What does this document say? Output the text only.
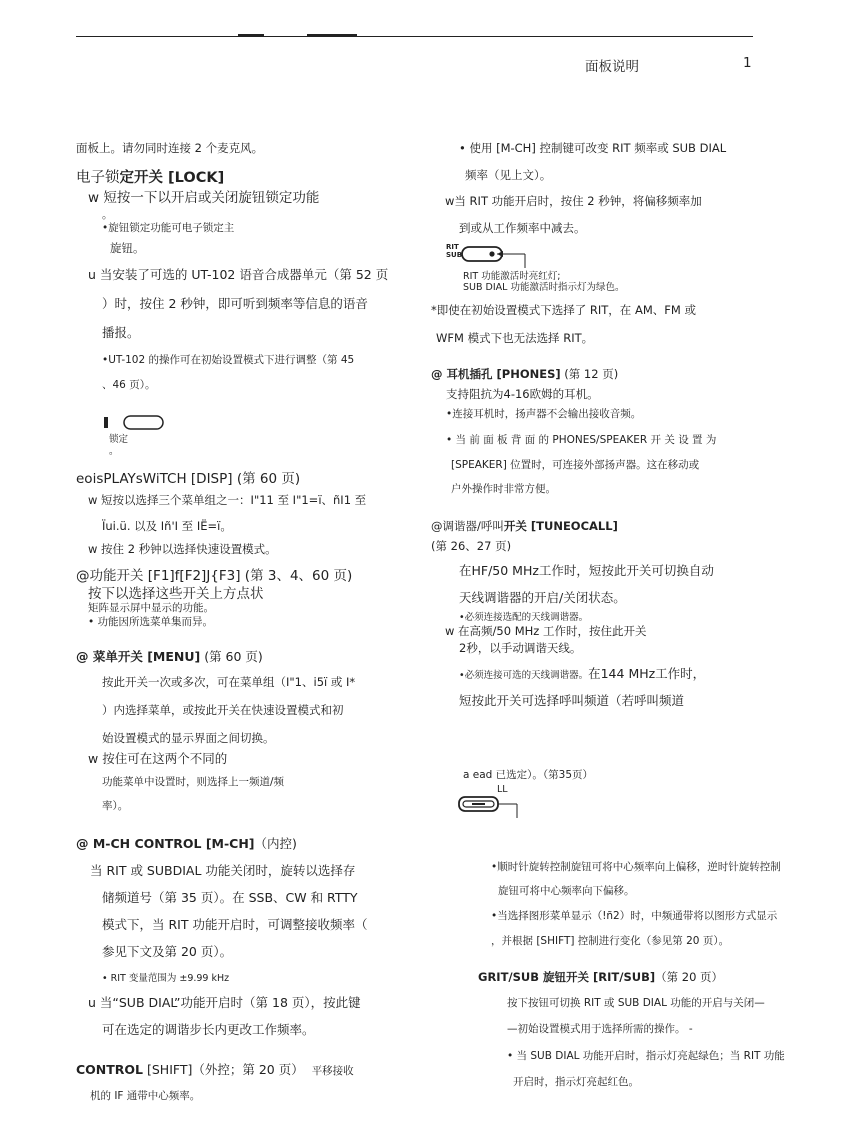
面板说明	1
面板上。请勿同时连接 2 个麦克风。
电子锁定开关 [LOCK]
w 短按一下以开启或关闭旋钮锁定功能
。
•旋钮锁定功能可电子锁定主
旋钮。
u 当安装了可选的 UT-102 语音合成器单元（第 52 页
）时，按住 2 秒钟，即可听到频率等信息的语音
播报。
•UT-102 的操作可在初始设置模式下进行调整（第 45
、46 页）。
锁定
。
eoisPLAYsWiTCH [DISP] (第 60 页)
w 短按以选择三个菜单组之一：I"11 至 I"1=ï、ñI1 至
Ïui.ü. 以及 Iñ'I 至 IË=ï。
w 按住 2 秒钟以选择快速设置模式。
@功能开关 [F1]f[F2]J{F3] (第 3、4、60 页)
按下以选择这些开关上方点状
矩阵显示屏中显示的功能。
• 功能因所选菜单集而异。
@ 菜单开关 [MENU] (第 60 页)
按此开关一次或多次，可在菜单组（I"1、i5ï 或 I*
）内选择菜单，或按此开关在快速设置模式和初
始设置模式的显示界面之间切换。
w 按住可在这两个不同的
功能菜单中设置时，则选择上一频道/频
率）。
@ M-CH CONTROL [M-CH]（内控)
当 RIT 或 SUBDIAL 功能关闭时，旋转以选择存
储频道号（第 35 页）。在 SSB、CW 和 RTTY
模式下，当 RIT 功能开启时，可调整接收频率（
参见下文及第 20 页）。
• RIT 变量范围为 ±9.99 kHz
u 当“SUB DIAL”功能开启时（第 18 页），按此键
可在选定的调谐步长内更改工作频率。
CONTROL [SHIFT]（外控；第 20 页） 平移接收
机的 IF 通带中心频率。
• 使用 [M-CH] 控制键可改变 RIT 频率或 SUB DIAL
频率（见上文）。
w当 RIT 功能开启时，按住 2 秒钟，将偏移频率加
到或从工作频率中减去。
RIT
SUB
RIT 功能激活时亮红灯;
SUB DIAL 功能激活时指示灯为绿色。
*即使在初始设置模式下选择了 RIT，在 AM、FM 或
WFM 模式下也无法选择 RIT。
@ 耳机插孔 [PHONES] (第 12 页)
支持阻抗为4-16欧姆的耳机。
•连接耳机时，扬声器不会输出接收音频。
• 当 前 面 板 背 面 的 PHONES/SPEAKER 开 关 设 置 为
[SPEAKER] 位置时，可连接外部扬声器。这在移动或
户外操作时非常方便。
@调谐器/呼叫开关 [TUNEOCALL]
(第 26、27 页)
在HF/50 MHz工作时，短按此开关可切换自动
天线调谐器的开启/关闭状态。
•必须连接选配的天线调谐器。
w 在高频/50 MHz 工作时，按住此开关
2秒，以手动调谐天线。
•必须连接可选的天线调谐器。在144 MHz工作时，
短按此开关可选择呼叫频道（若呼叫频道
a ead 已选定）。（第35页）
LL
•顺时针旋转控制旋钮可将中心频率向上偏移，逆时针旋转控制
旋钮可将中心频率向下偏移。
•当选择图形菜单显示（!ñ2）时，中频通带将以图形方式显示
，并根据 [SHIFT] 控制进行变化（参见第 20 页）。
GRIT/SUB 旋钮开关 [RIT/SUB]（第 20 页）
按下按钮可切换 RIT 或 SUB DIAL 功能的开启与关闭—
—初始设置模式用于选择所需的操作。 -
• 当 SUB DIAL 功能开启时，指示灯亮起绿色；当 RIT 功能
开启时，指示灯亮起红色。
